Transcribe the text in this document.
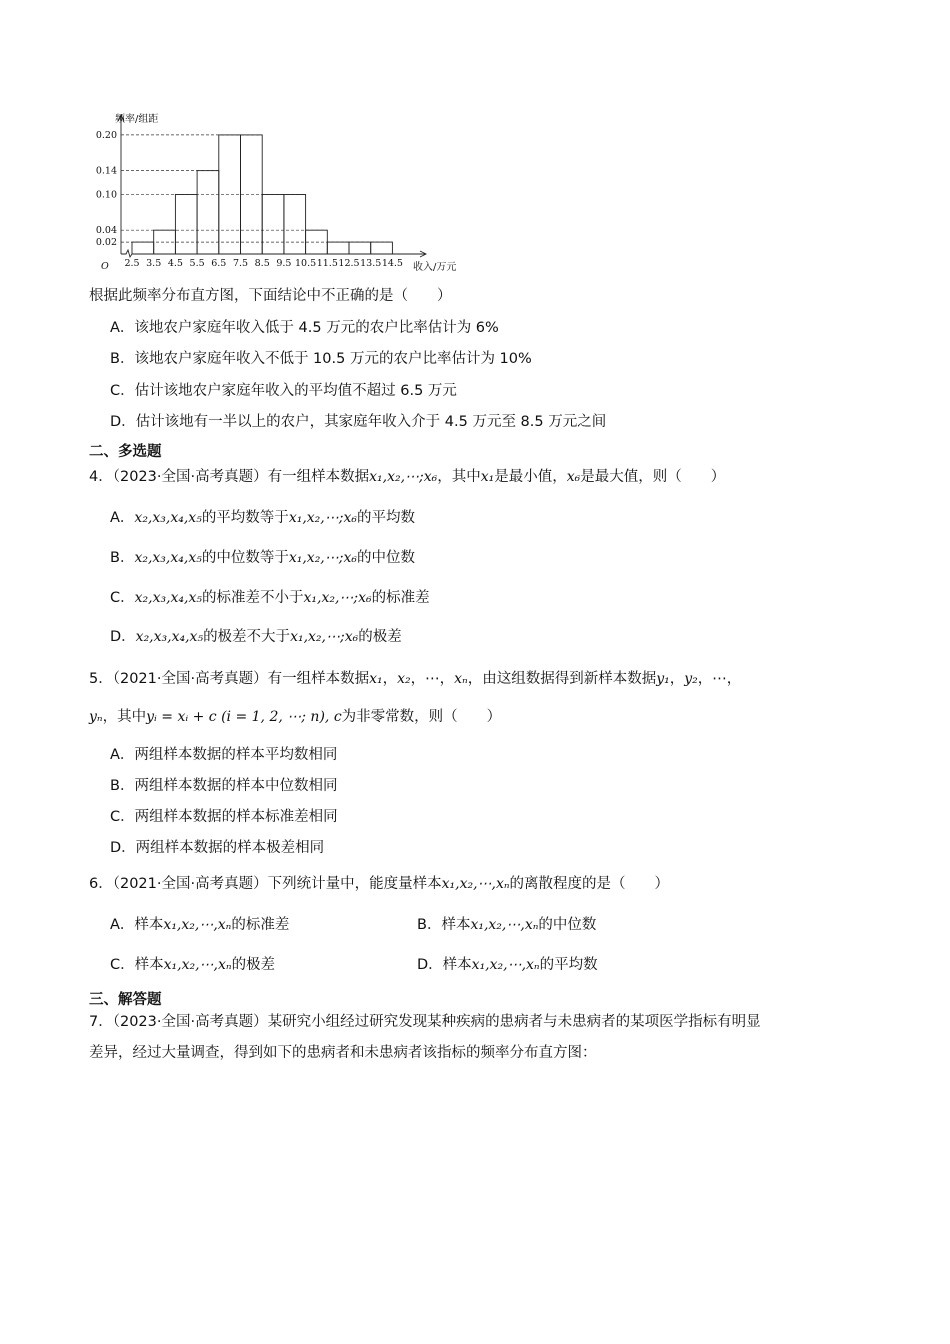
0.02
0.04
0.10
0.14
0.20
2.5 3.5 4.5 5.5 6.5 7.5 8.5 9.5 10.5 11.5 12.5 13.5 14.5
频率/组距
收入/万元
O
根据此频率分布直方图，下面结论中不正确的是（　　）
A．该地农户家庭年收入低于 4.5 万元的农户比率估计为 6%
B．该地农户家庭年收入不低于 10.5 万元的农户比率估计为 10%
C．估计该地农户家庭年收入的平均值不超过 6.5 万元
D．估计该地有一半以上的农户，其家庭年收入介于 4.5 万元至 8.5 万元之间
二、多选题
4．（2023·全国·高考真题）有一组样本数据x₁,x₂,⋯;x₆，其中x₁是最小值，x₆是最大值，则（　　）
A．x₂,x₃,x₄,x₅的平均数等于x₁,x₂,⋯;x₆的平均数
B．x₂,x₃,x₄,x₅的中位数等于x₁,x₂,⋯;x₆的中位数
C．x₂,x₃,x₄,x₅的标准差不小于x₁,x₂,⋯;x₆的标准差
D．x₂,x₃,x₄,x₅的极差不大于x₁,x₂,⋯;x₆的极差
5．（2021·全国·高考真题）有一组样本数据x₁，x₂，⋯，xₙ，由这组数据得到新样本数据y₁，y₂，⋯，
yₙ，其中yᵢ = xᵢ + c (i = 1, 2, ⋯; n), c为非零常数，则（　　）
A．两组样本数据的样本平均数相同
B．两组样本数据的样本中位数相同
C．两组样本数据的样本标准差相同
D．两组样本数据的样本极差相同
6．（2021·全国·高考真题）下列统计量中，能度量样本x₁,x₂,⋯,xₙ的离散程度的是（　　）
A．样本x₁,x₂,⋯,xₙ的标准差	B．样本x₁,x₂,⋯,xₙ的中位数
C．样本x₁,x₂,⋯,xₙ的极差	D．样本x₁,x₂,⋯,xₙ的平均数
三、解答题
7．（2023·全国·高考真题）某研究小组经过研究发现某种疾病的患病者与未患病者的某项医学指标有明显
差异，经过大量调查，得到如下的患病者和未患病者该指标的频率分布直方图：
